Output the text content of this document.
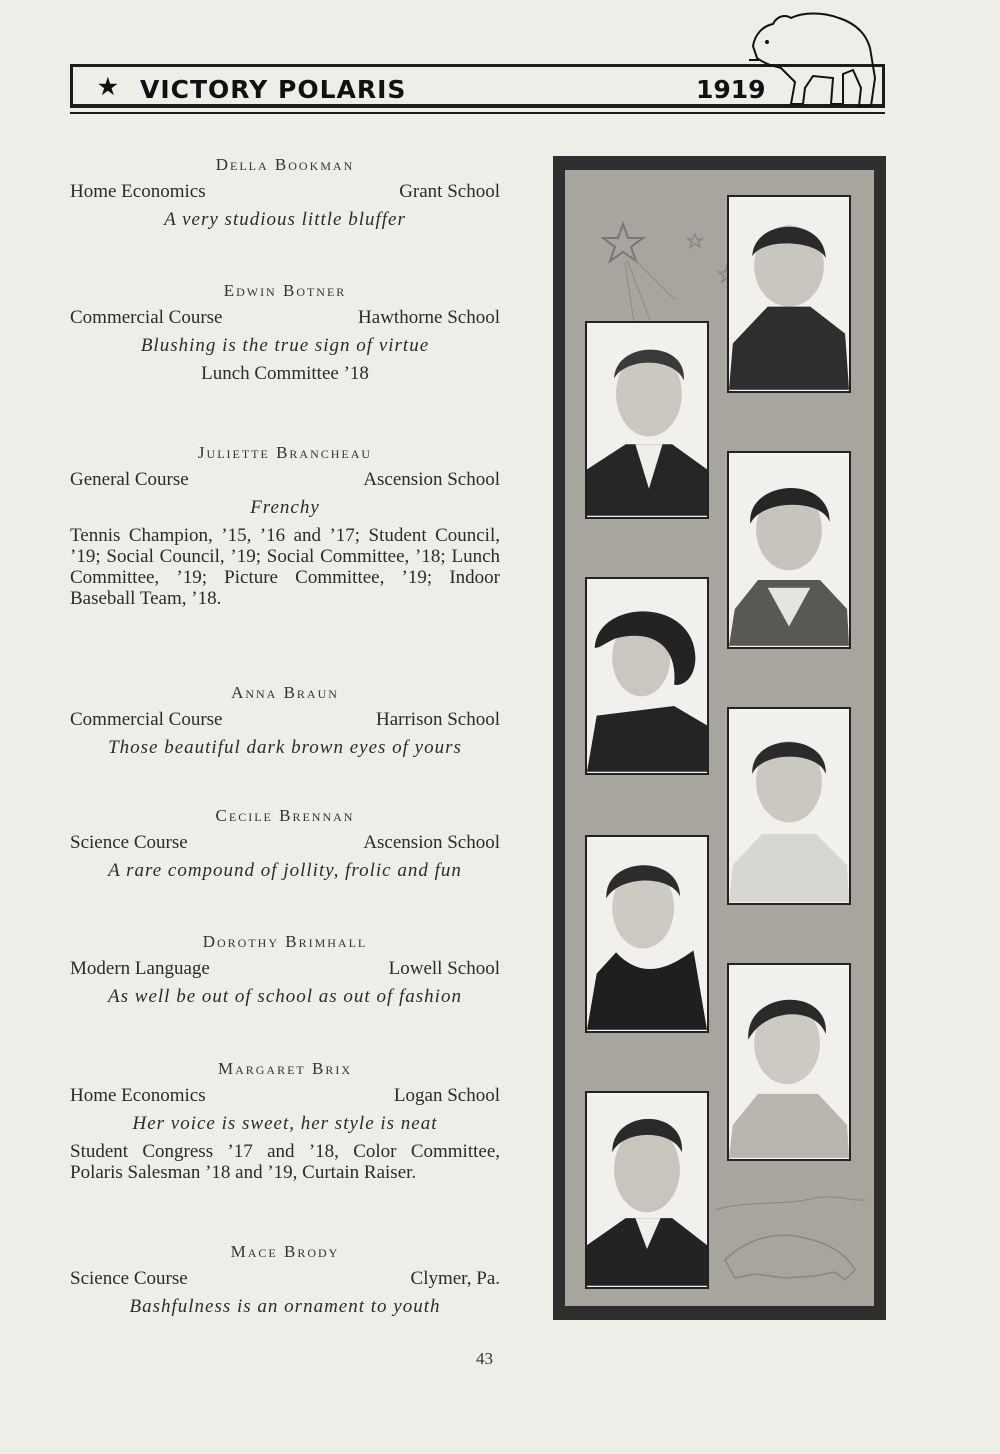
★ VICTORY POLARIS	1919
Della Bookman
Home Economics	Grant School
A very studious little bluffer
Edwin Botner
Commercial Course	Hawthorne School
Blushing is the true sign of virtue
Lunch Committee ’18
Juliette Brancheau
General Course	Ascension School
Frenchy
Tennis Champion, ’15, ’16 and ’17; Student Council, ’19; Social Council, ’19; Social Committee, ’18; Lunch Committee, ’19; Picture Committee, ’19; Indoor Baseball Team, ’18.
Anna Braun
Commercial Course	Harrison School
Those beautiful dark brown eyes of yours
Cecile Brennan
Science Course	Ascension School
A rare compound of jollity, frolic and fun
Dorothy Brimhall
Modern Language	Lowell School
As well be out of school as out of fashion
Margaret Brix
Home Economics	Logan School
Her voice is sweet, her style is neat
Student Congress ’17 and ’18, Color Committee, Polaris Salesman ’18 and ’19, Curtain Raiser.
Mace Brody
Science Course	Clymer, Pa.
Bashfulness is an ornament to youth
43
